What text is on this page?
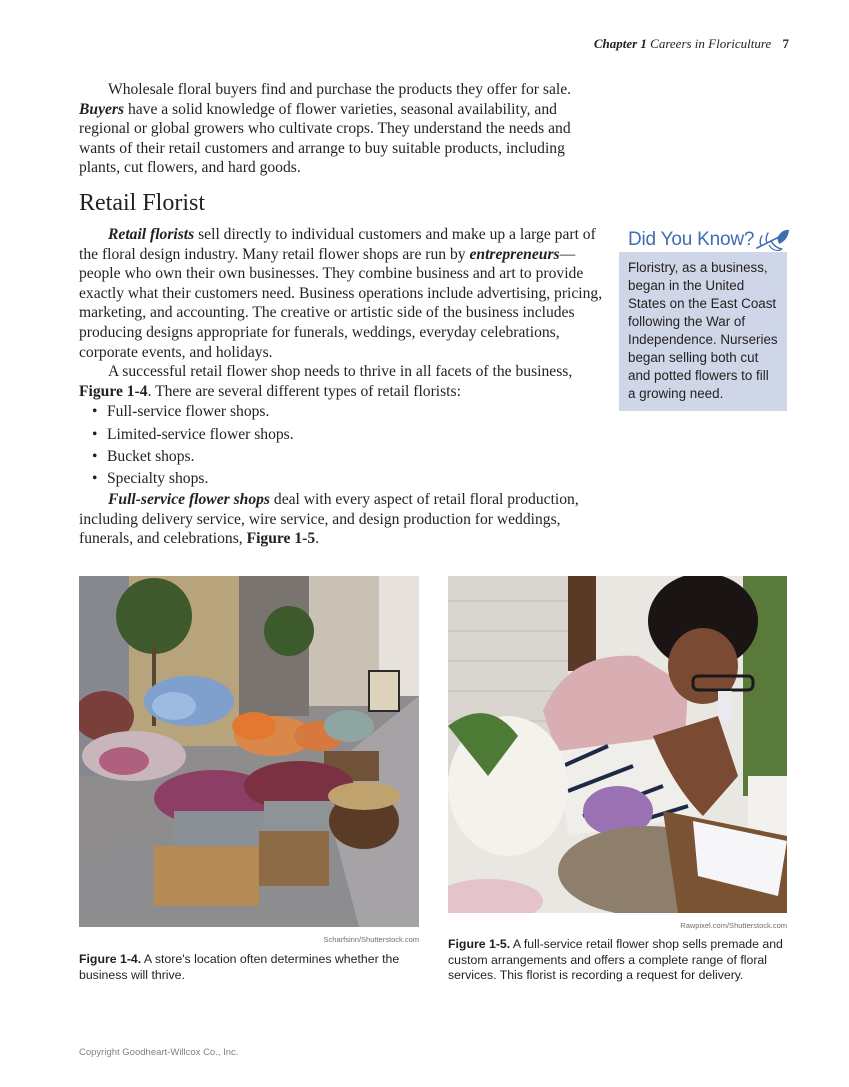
Chapter 1 Careers in Floriculture 7

Wholesale floral buyers find and purchase the products they offer for sale. Buyers have a solid knowledge of flower varieties, seasonal availability, and regional or global growers who cultivate crops. They understand the needs and wants of their retail customers and arrange to buy suitable products, including plants, cut flowers, and hard goods.

Retail Florist

Retail florists sell directly to individual customers and make up a large part of the floral design industry. Many retail flower shops are run by entrepreneurs—people who own their own businesses. They combine business and art to provide exactly what their customers need. Business operations include advertising, pricing, marketing, and accounting. The creative or artistic side of the business includes producing designs appropriate for funerals, weddings, everyday celebrations, corporate events, and holidays.

A successful retail flower shop needs to thrive in all facets of the business, Figure 1-4. There are several different types of retail florists:

• Full-service flower shops.
• Limited-service flower shops.
• Bucket shops.
• Specialty shops.

Full-service flower shops deal with every aspect of retail floral production, including delivery service, wire service, and design production for weddings, funerals, and celebrations, Figure 1-5.

Did You Know?
Floristry, as a business, began in the United States on the East Coast following the War of Independence. Nurseries began selling both cut and potted flowers to fill a growing need.
Scharfsinn/Shutterstock.com
Figure 1-4. A store's location often determines whether the business will thrive.
Rawpixel.com/Shutterstock.com
Figure 1-5. A full-service retail flower shop sells premade and custom arrangements and offers a complete range of floral services. This florist is recording a request for delivery.
Copyright Goodheart-Willcox Co., Inc.
